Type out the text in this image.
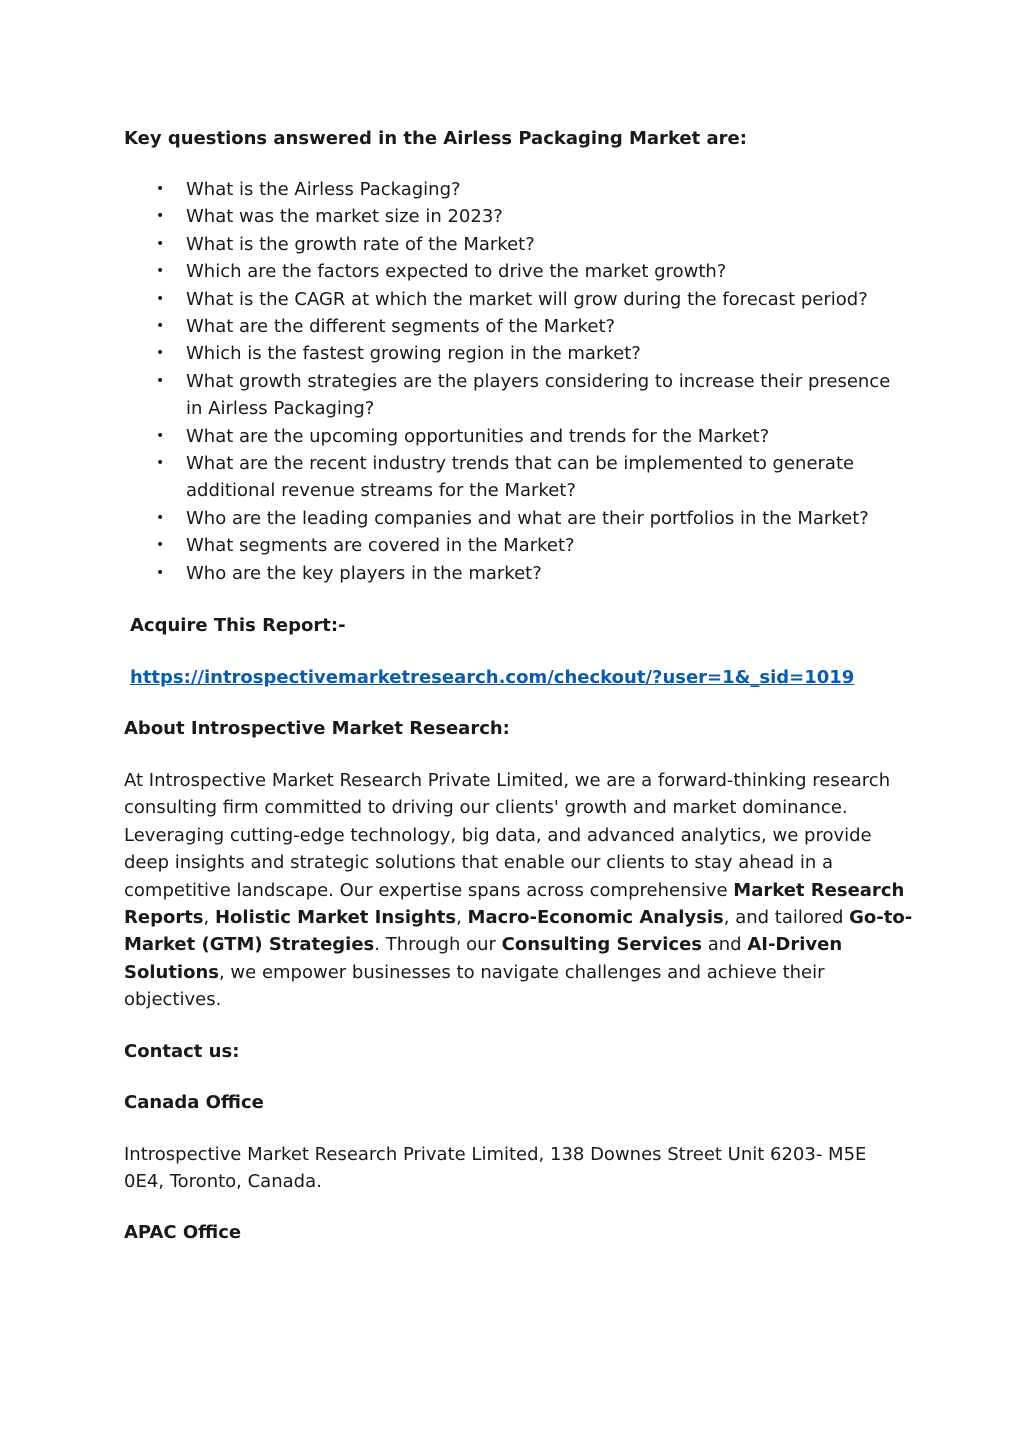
Key questions answered in the Airless Packaging Market are:

• What is the Airless Packaging?
• What was the market size in 2023?
• What is the growth rate of the Market?
• Which are the factors expected to drive the market growth?
• What is the CAGR at which the market will grow during the forecast period?
• What are the different segments of the Market?
• Which is the fastest growing region in the market?
• What growth strategies are the players considering to increase their presence in Airless Packaging?
• What are the upcoming opportunities and trends for the Market?
• What are the recent industry trends that can be implemented to generate additional revenue streams for the Market?
• Who are the leading companies and what are their portfolios in the Market?
• What segments are covered in the Market?
• Who are the key players in the market?

Acquire This Report:-

https://introspectivemarketresearch.com/checkout/?user=1&_sid=1019

About Introspective Market Research:

At Introspective Market Research Private Limited, we are a forward-thinking research consulting firm committed to driving our clients' growth and market dominance. Leveraging cutting-edge technology, big data, and advanced analytics, we provide deep insights and strategic solutions that enable our clients to stay ahead in a competitive landscape. Our expertise spans across comprehensive Market Research Reports, Holistic Market Insights, Macro-Economic Analysis, and tailored Go-to-Market (GTM) Strategies. Through our Consulting Services and AI-Driven Solutions, we empower businesses to navigate challenges and achieve their objectives.

Contact us:

Canada Office

Introspective Market Research Private Limited, 138 Downes Street Unit 6203- M5E 0E4, Toronto, Canada.

APAC Office
